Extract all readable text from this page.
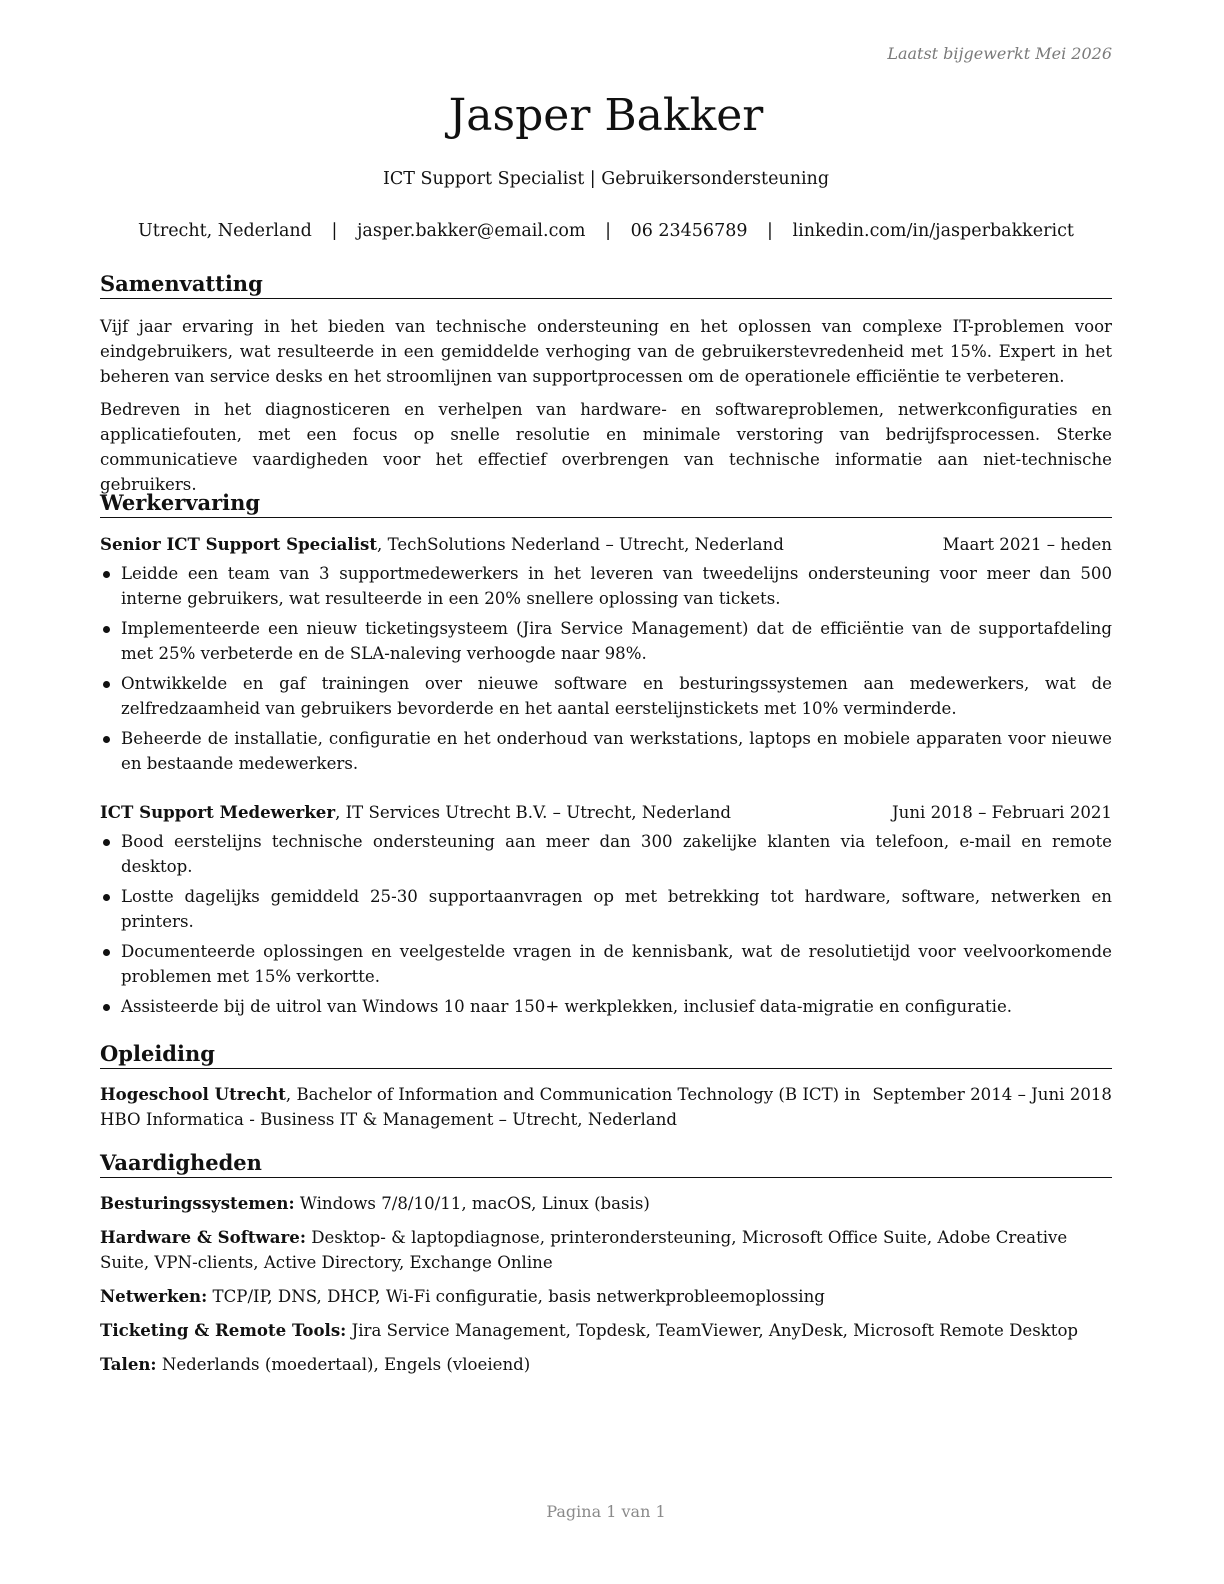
Laatst bijgewerkt Mei 2026
Jasper Bakker
ICT Support Specialist | Gebruikersondersteuning
Utrecht, Nederland | jasper.bakker@email.com | 06 23456789 | linkedin.com/in/jasperbakkerict
Samenvatting

Vijf jaar ervaring in het bieden van technische ondersteuning en het oplossen van complexe IT-problemen voor eindgebruikers, wat resulteerde in een gemiddelde verhoging van de gebruikerstevredenheid met 15%. Expert in het beheren van service desks en het stroomlijnen van supportprocessen om de operationele efficiëntie te verbeteren.

Bedreven in het diagnosticeren en verhelpen van hardware- en softwareproblemen, netwerkconfiguraties en applicatiefouten, met een focus op snelle resolutie en minimale verstoring van bedrijfsprocessen. Sterke communicatieve vaardigheden voor het effectief overbrengen van technische informatie aan niet-technische gebruikers.

Werkervaring
Senior ICT Support Specialist, TechSolutions Nederland – Utrecht, Nederland	Maart 2021 – heden
Leidde een team van 3 supportmedewerkers in het leveren van tweedelijns ondersteuning voor meer dan 500 interne gebruikers, wat resulteerde in een 20% snellere oplossing van tickets.
Implementeerde een nieuw ticketingsysteem (Jira Service Management) dat de efficiëntie van de supportafdeling met 25% verbeterde en de SLA-naleving verhoogde naar 98%.
Ontwikkelde en gaf trainingen over nieuwe software en besturingssystemen aan medewerkers, wat de zelfredzaamheid van gebruikers bevorderde en het aantal eerstelijnstickets met 10% verminderde.
Beheerde de installatie, configuratie en het onderhoud van werkstations, laptops en mobiele apparaten voor nieuwe en bestaande medewerkers.
ICT Support Medewerker, IT Services Utrecht B.V. – Utrecht, Nederland	Juni 2018 – Februari 2021
Bood eerstelijns technische ondersteuning aan meer dan 300 zakelijke klanten via telefoon, e-mail en remote desktop.
Lostte dagelijks gemiddeld 25-30 supportaanvragen op met betrekking tot hardware, software, netwerken en printers.
Documenteerde oplossingen en veelgestelde vragen in de kennisbank, wat de resolutietijd voor veelvoorkomende problemen met 15% verkortte.
Assisteerde bij de uitrol van Windows 10 naar 150+ werkplekken, inclusief data-migratie en configuratie.
Opleiding
Hogeschool Utrecht, Bachelor of Information and Communication Technology (B ICT) in HBO Informatica - Business IT & Management – Utrecht, Nederland
September 2014 – Juni 2018
Vaardigheden

Besturingssystemen: Windows 7/8/10/11, macOS, Linux (basis)

Hardware & Software: Desktop- & laptopdiagnose, printerondersteuning, Microsoft Office Suite, Adobe Creative Suite, VPN-clients, Active Directory, Exchange Online

Netwerken: TCP/IP, DNS, DHCP, Wi-Fi configuratie, basis netwerkprobleemoplossing

Ticketing & Remote Tools: Jira Service Management, Topdesk, TeamViewer, AnyDesk, Microsoft Remote Desktop

Talen: Nederlands (moedertaal), Engels (vloeiend)

Pagina 1 van 1
